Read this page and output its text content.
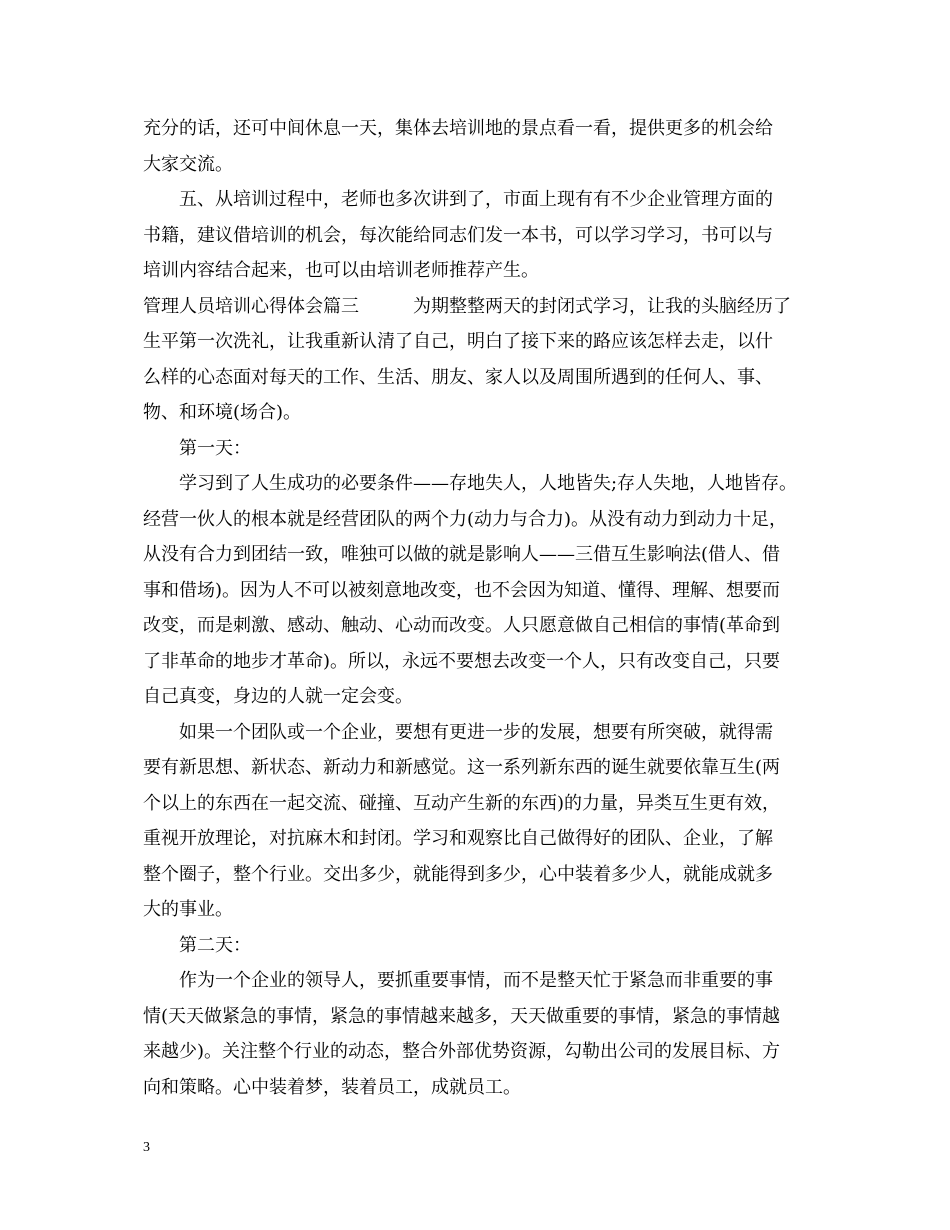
充分的话，还可中间休息一天，集体去培训地的景点看一看，提供更多的机会给

大家交流。

　　五、从培训过程中，老师也多次讲到了，市面上现有有不少企业管理方面的

书籍，建议借培训的机会，每次能给同志们发一本书，可以学习学习，书可以与

培训内容结合起来，也可以由培训老师推荐产生。

管理人员培训心得体会篇三　　　为期整整两天的封闭式学习，让我的头脑经历了

生平第一次洗礼，让我重新认清了自己，明白了接下来的路应该怎样去走，以什

么样的心态面对每天的工作、生活、朋友、家人以及周围所遇到的任何人、事、

物、和环境(场合)。

　　第一天：

　　学习到了人生成功的必要条件——存地失人，人地皆失;存人失地，人地皆存。

经营一伙人的根本就是经营团队的两个力(动力与合力)。从没有动力到动力十足，

从没有合力到团结一致，唯独可以做的就是影响人——三借互生影响法(借人、借

事和借场)。因为人不可以被刻意地改变，也不会因为知道、懂得、理解、想要而

改变，而是刺激、感动、触动、心动而改变。人只愿意做自己相信的事情(革命到

了非革命的地步才革命)。所以，永远不要想去改变一个人，只有改变自己，只要

自己真变，身边的人就一定会变。

　　如果一个团队或一个企业，要想有更进一步的发展，想要有所突破，就得需

要有新思想、新状态、新动力和新感觉。这一系列新东西的诞生就要依靠互生(两

个以上的东西在一起交流、碰撞、互动产生新的东西)的力量，异类互生更有效，

重视开放理论，对抗麻木和封闭。学习和观察比自己做得好的团队、企业，了解

整个圈子，整个行业。交出多少，就能得到多少，心中装着多少人，就能成就多

大的事业。

　　第二天：

　　作为一个企业的领导人，要抓重要事情，而不是整天忙于紧急而非重要的事

情(天天做紧急的事情，紧急的事情越来越多，天天做重要的事情，紧急的事情越

来越少)。关注整个行业的动态，整合外部优势资源，勾勒出公司的发展目标、方

向和策略。心中装着梦，装着员工，成就员工。

3
